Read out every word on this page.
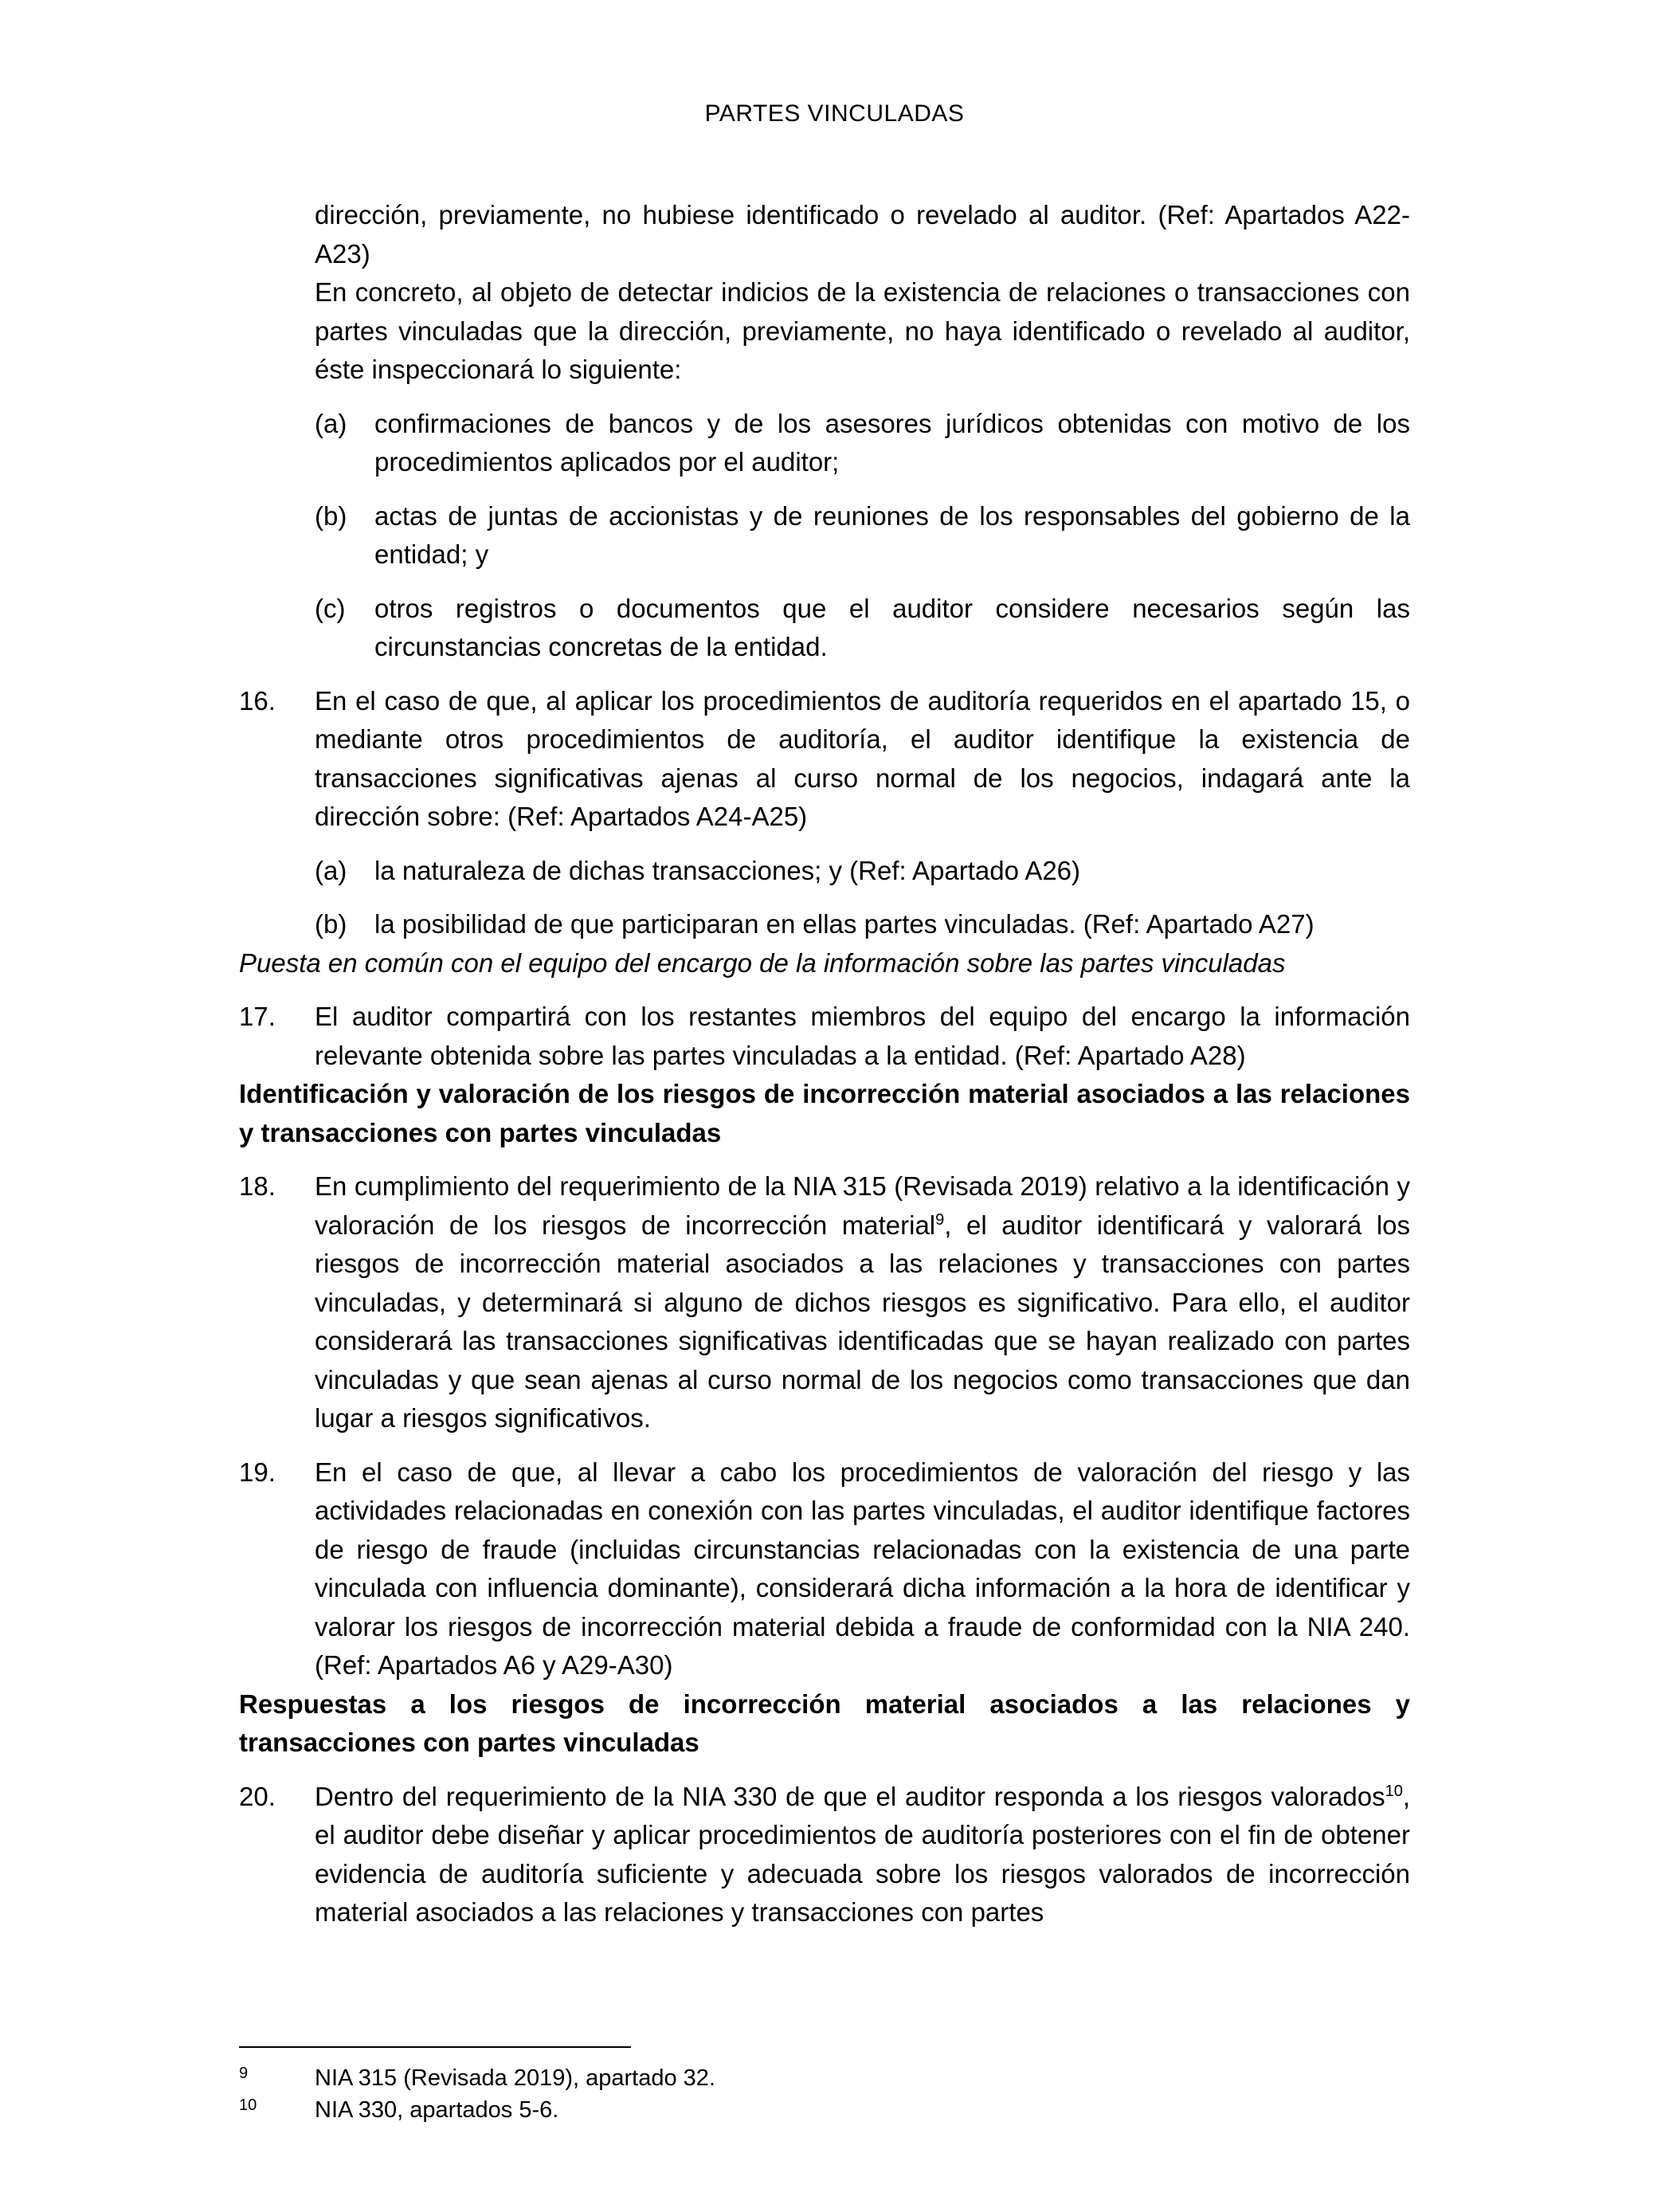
PARTES VINCULADAS

dirección, previamente, no hubiese identificado o revelado al auditor. (Ref: Apartados A22-A23)

En concreto, al objeto de detectar indicios de la existencia de relaciones o transacciones con partes vinculadas que la dirección, previamente, no haya identificado o revelado al auditor, éste inspeccionará lo siguiente:

(a) confirmaciones de bancos y de los asesores jurídicos obtenidas con motivo de los procedimientos aplicados por el auditor;
(b) actas de juntas de accionistas y de reuniones de los responsables del gobierno de la entidad; y
(c) otros registros o documentos que el auditor considere necesarios según las circunstancias concretas de la entidad.
16. En el caso de que, al aplicar los procedimientos de auditoría requeridos en el apartado 15, o mediante otros procedimientos de auditoría, el auditor identifique la existencia de transacciones significativas ajenas al curso normal de los negocios, indagará ante la dirección sobre: (Ref: Apartados A24-A25)
(a) la naturaleza de dichas transacciones; y (Ref: Apartado A26)
(b) la posibilidad de que participaran en ellas partes vinculadas. (Ref: Apartado A27)

Puesta en común con el equipo del encargo de la información sobre las partes vinculadas

17. El auditor compartirá con los restantes miembros del equipo del encargo la información relevante obtenida sobre las partes vinculadas a la entidad. (Ref: Apartado A28)

Identificación y valoración de los riesgos de incorrección material asociados a las relaciones y transacciones con partes vinculadas

18. En cumplimiento del requerimiento de la NIA 315 (Revisada 2019) relativo a la identificación y valoración de los riesgos de incorrección material$^9$, el auditor identificará y valorará los riesgos de incorrección material asociados a las relaciones y transacciones con partes vinculadas, y determinará si alguno de dichos riesgos es significativo. Para ello, el auditor considerará las transacciones significativas identificadas que se hayan realizado con partes vinculadas y que sean ajenas al curso normal de los negocios como transacciones que dan lugar a riesgos significativos.
19. En el caso de que, al llevar a cabo los procedimientos de valoración del riesgo y las actividades relacionadas en conexión con las partes vinculadas, el auditor identifique factores de riesgo de fraude (incluidas circunstancias relacionadas con la existencia de una parte vinculada con influencia dominante), considerará dicha información a la hora de identificar y valorar los riesgos de incorrección material debida a fraude de conformidad con la NIA 240. (Ref: Apartados A6 y A29-A30)

Respuestas a los riesgos de incorrección material asociados a las relaciones y transacciones con partes vinculadas

20. Dentro del requerimiento de la NIA 330 de que el auditor responda a los riesgos valorados$^{10}$, el auditor debe diseñar y aplicar procedimientos de auditoría posteriores con el fin de obtener evidencia de auditoría suficiente y adecuada sobre los riesgos valorados de incorrección material asociados a las relaciones y transacciones con partes
9	NIA 315 (Revisada 2019), apartado 32.
10	NIA 330, apartados 5-6.
